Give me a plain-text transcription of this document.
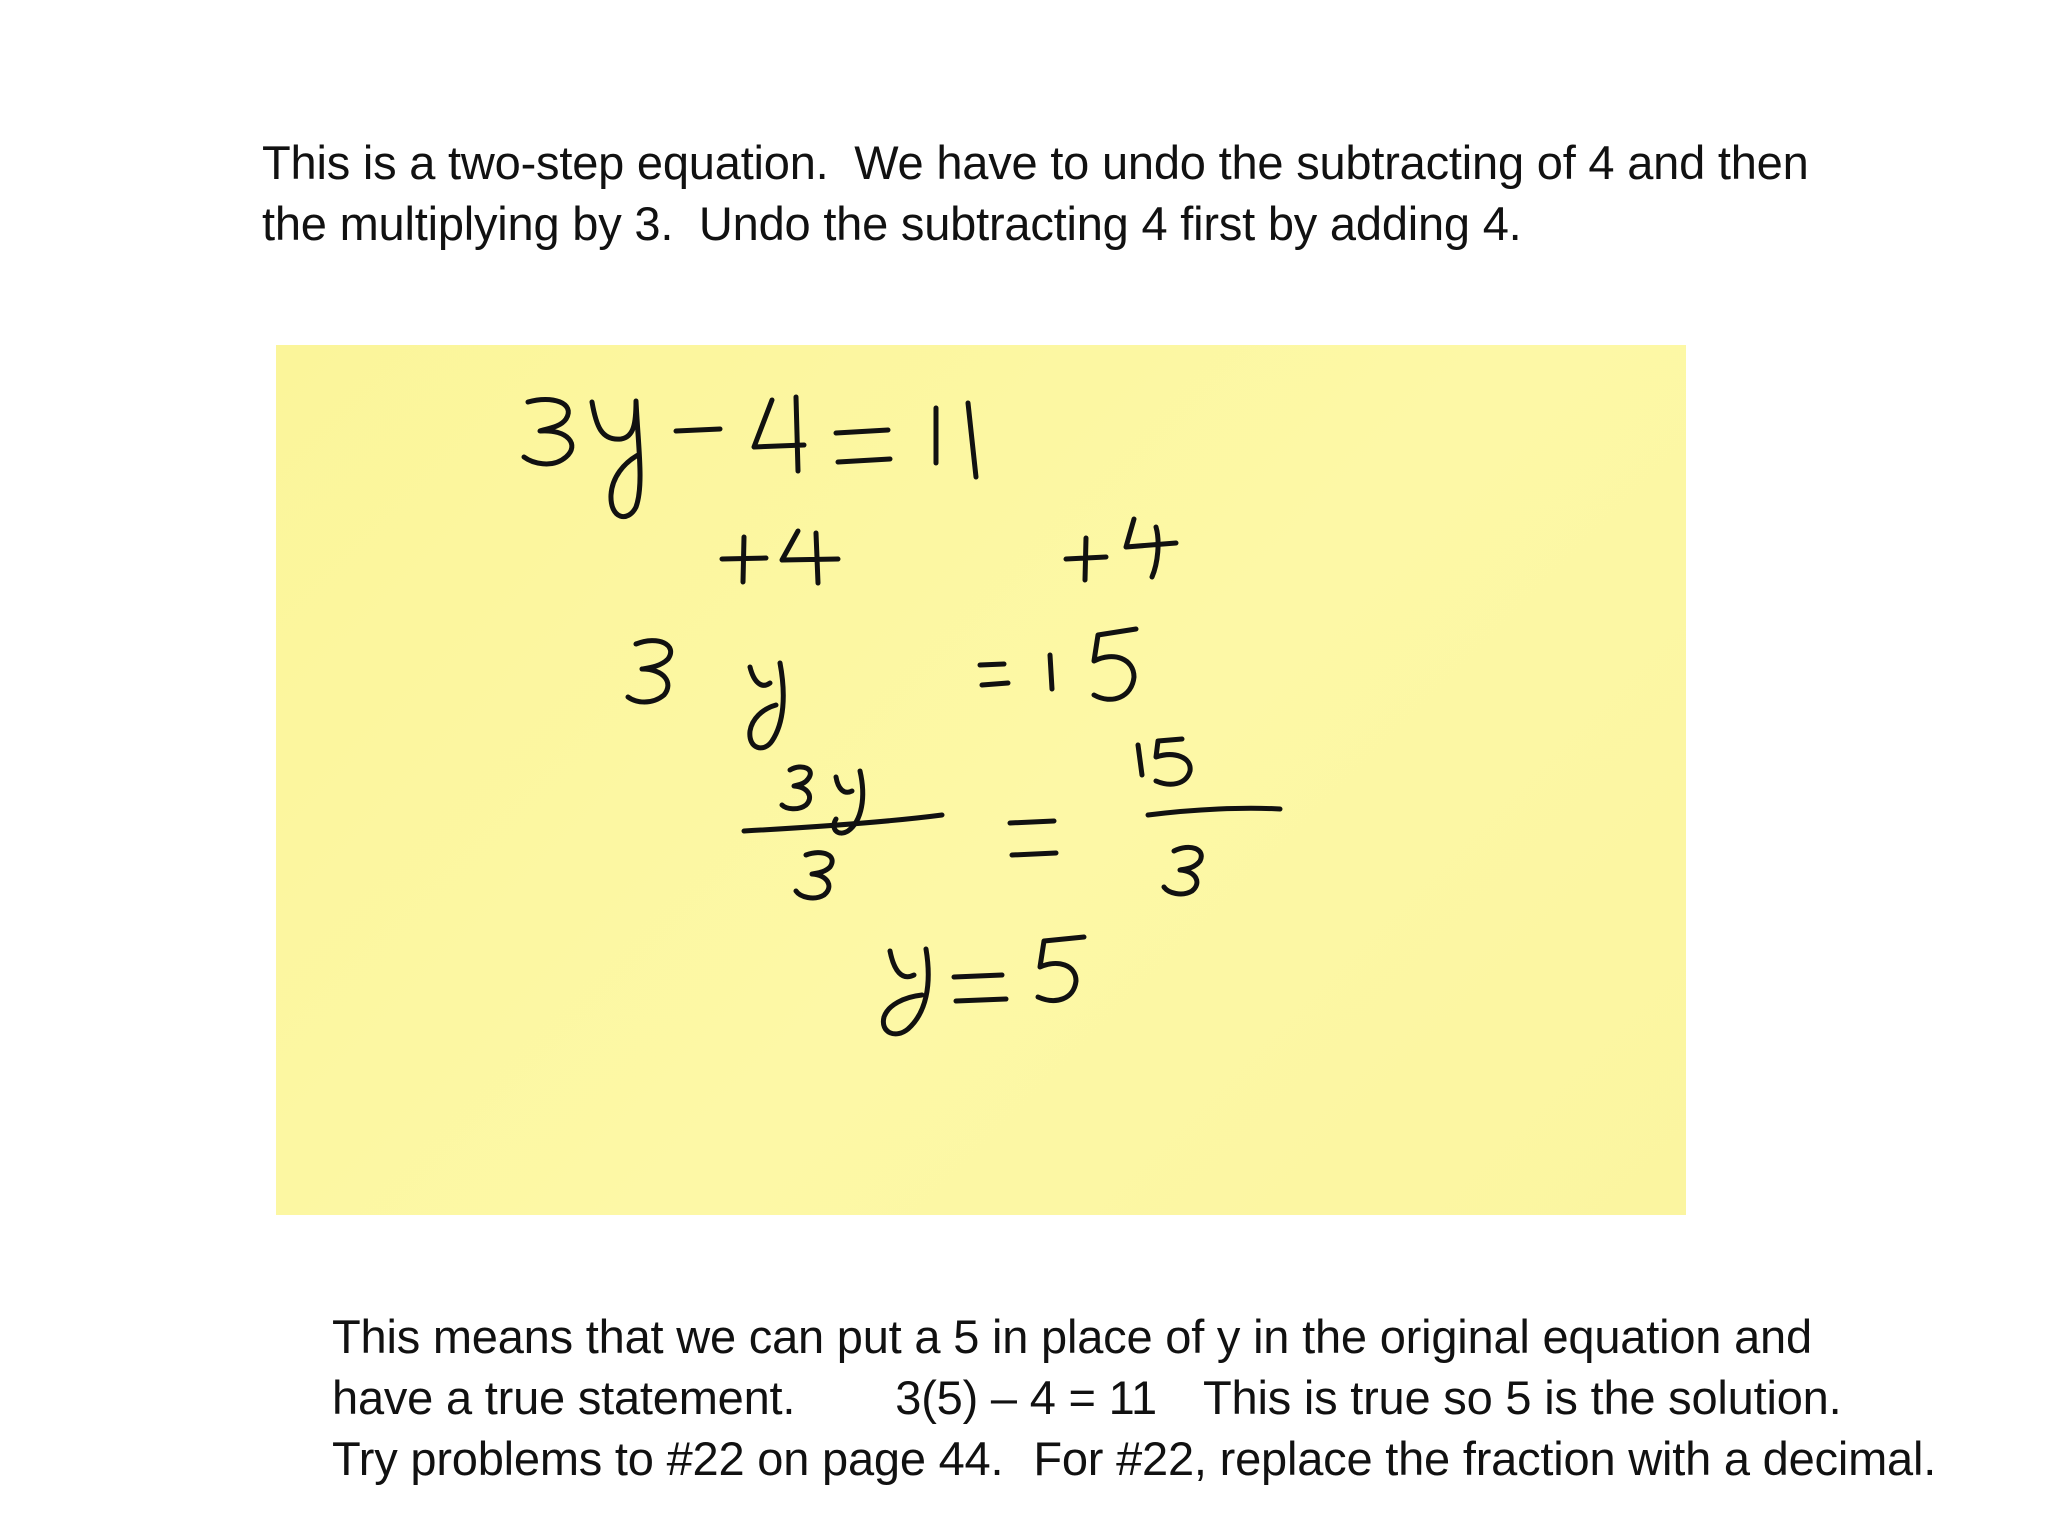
This is a two-step equation.  We have to undo the subtracting of 4 and then
the multiplying by 3.  Undo the subtracting 4 first by adding 4.

This means that we can put a 5 in place of y in the original equation and
have a true statement. 3(5) – 4 = 11 This is true so 5 is the solution.
Try problems to #22 on page 44. For #22, replace the fraction with a decimal.
